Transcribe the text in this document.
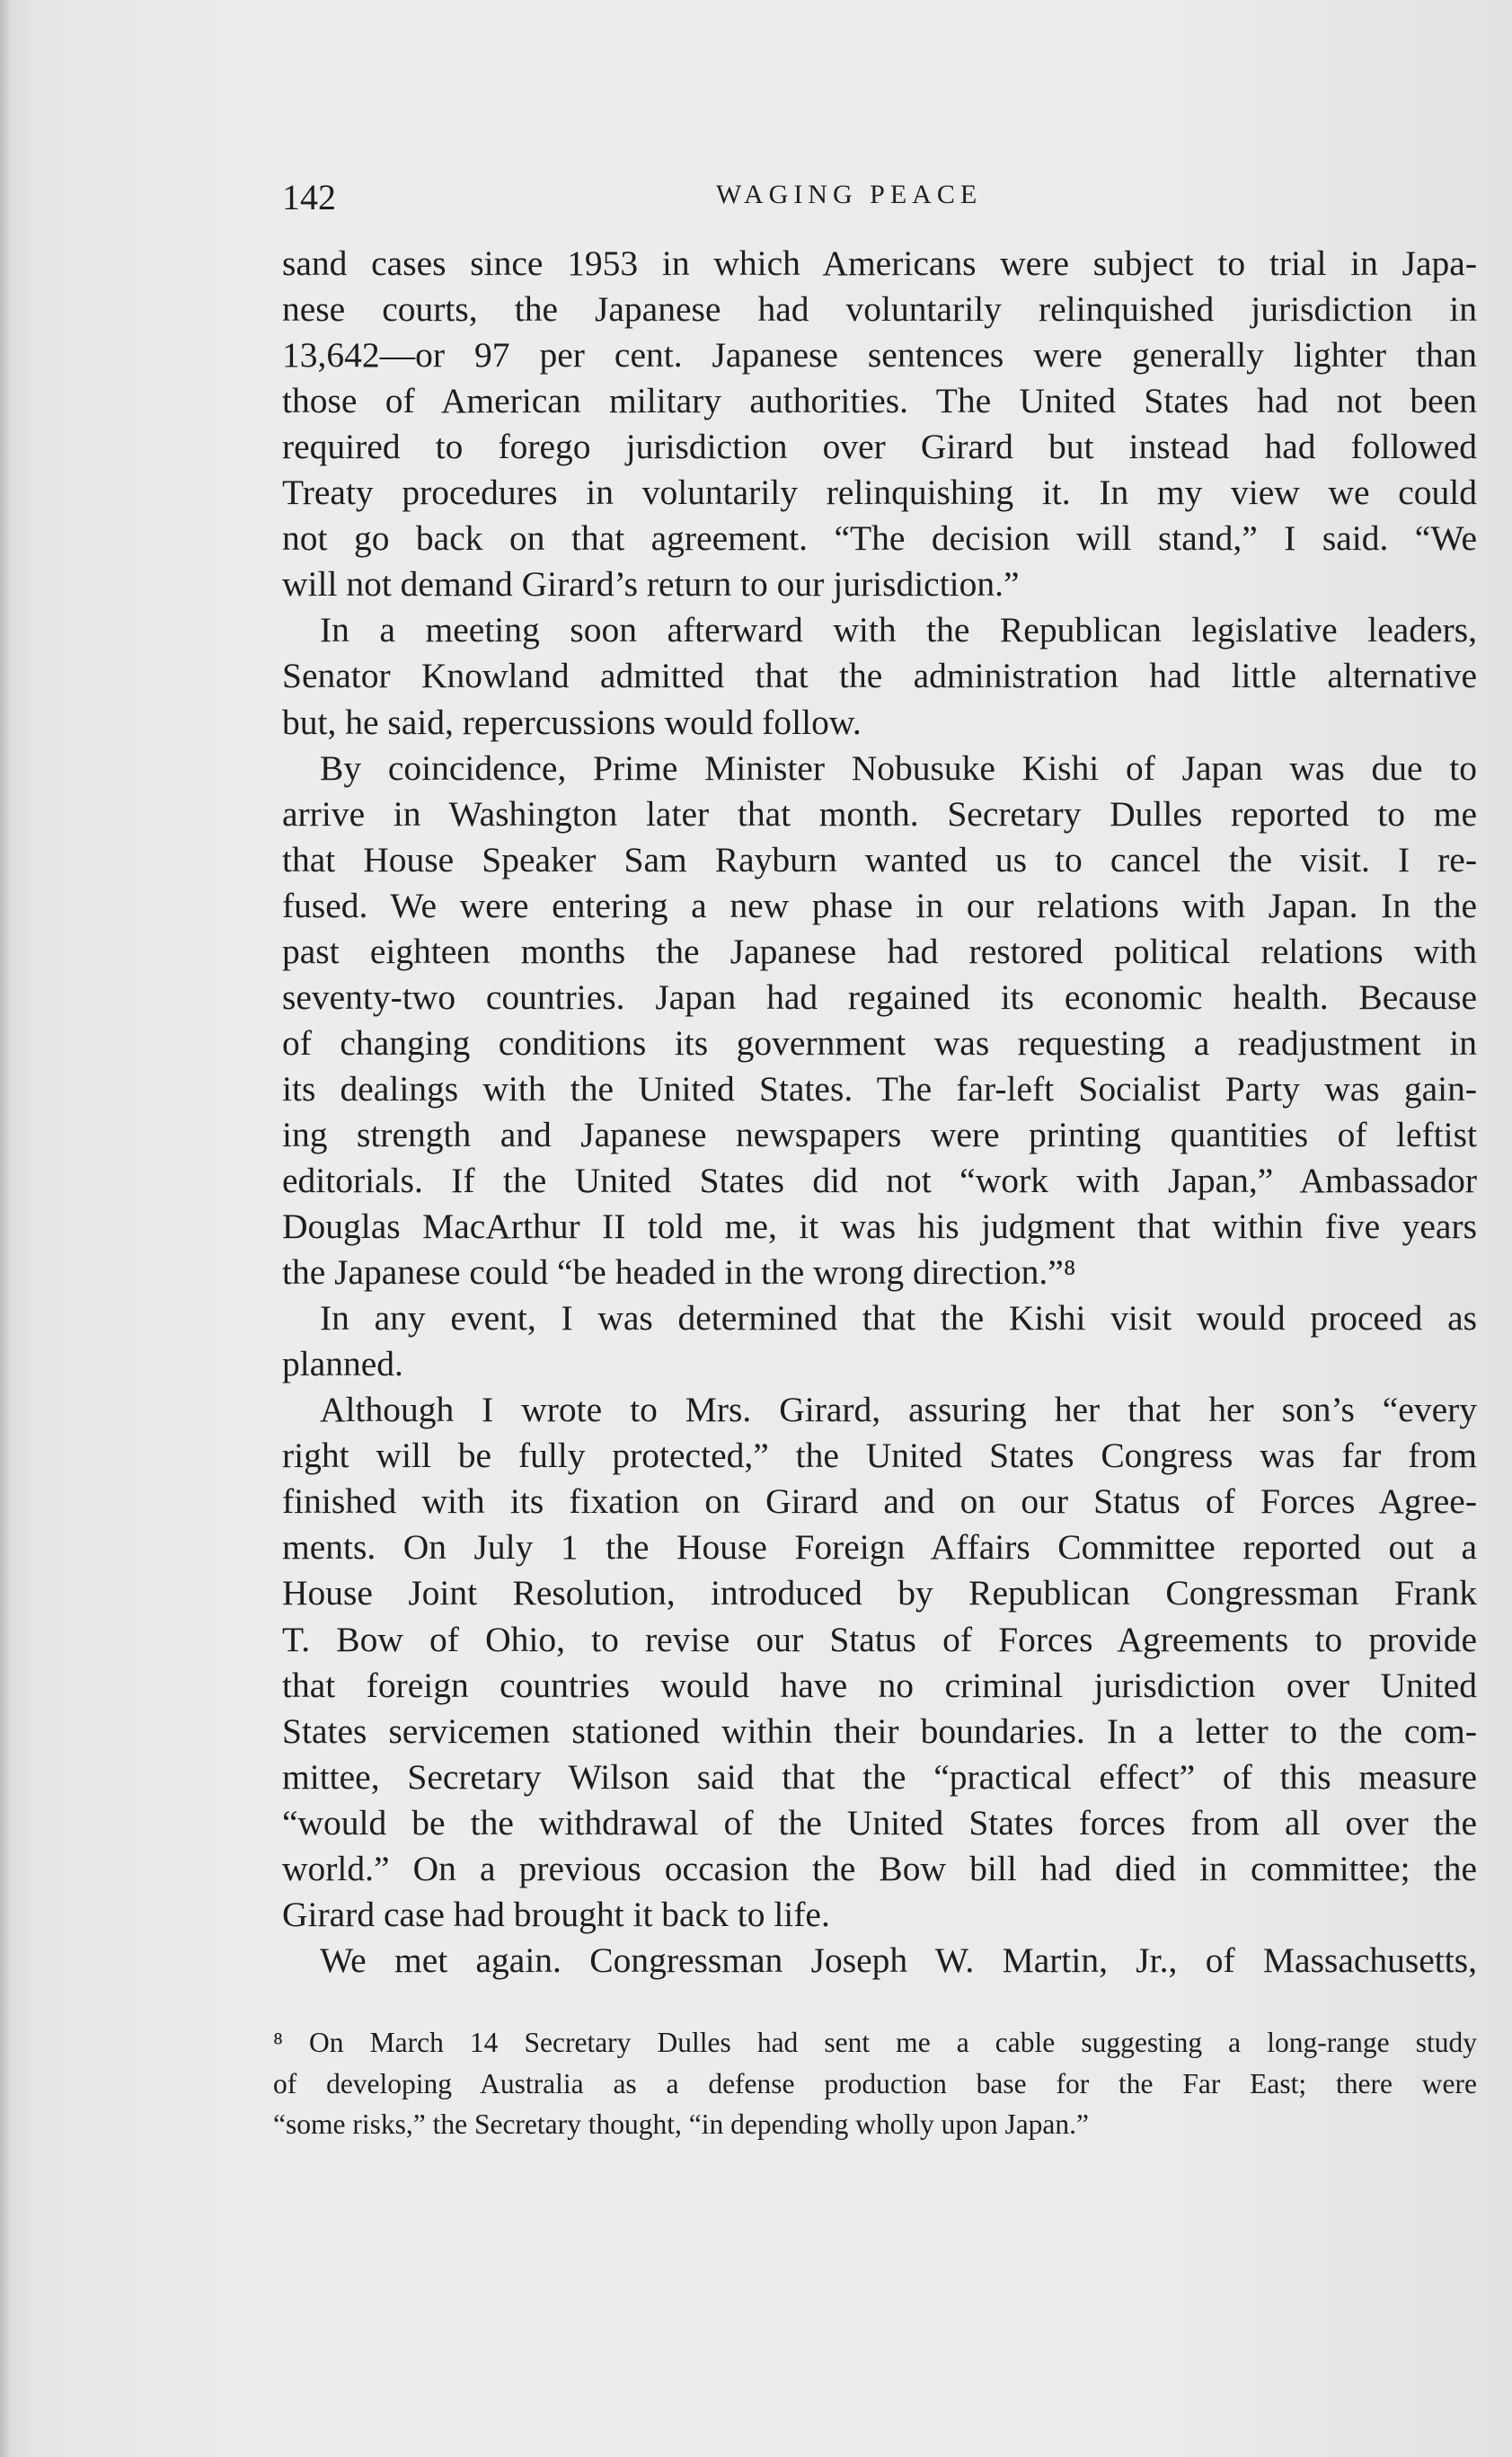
142	WAGING PEACE
sand cases since 1953 in which Americans were subject to trial in Japa-
nese courts, the Japanese had voluntarily relinquished jurisdiction in
13,642—or 97 per cent. Japanese sentences were generally lighter than
those of American military authorities. The United States had not been
required to forego jurisdiction over Girard but instead had followed
Treaty procedures in voluntarily relinquishing it. In my view we could
not go back on that agreement. “The decision will stand,” I said. “We
will not demand Girard’s return to our jurisdiction.”
In a meeting soon afterward with the Republican legislative leaders,
Senator Knowland admitted that the administration had little alternative
but, he said, repercussions would follow.
By coincidence, Prime Minister Nobusuke Kishi of Japan was due to
arrive in Washington later that month. Secretary Dulles reported to me
that House Speaker Sam Rayburn wanted us to cancel the visit. I re-
fused. We were entering a new phase in our relations with Japan. In the
past eighteen months the Japanese had restored political relations with
seventy-two countries. Japan had regained its economic health. Because
of changing conditions its government was requesting a readjustment in
its dealings with the United States. The far-left Socialist Party was gain-
ing strength and Japanese newspapers were printing quantities of leftist
editorials. If the United States did not “work with Japan,” Ambassador
Douglas MacArthur II told me, it was his judgment that within five years
the Japanese could “be headed in the wrong direction.”⁸
In any event, I was determined that the Kishi visit would proceed as
planned.
Although I wrote to Mrs. Girard, assuring her that her son’s “every
right will be fully protected,” the United States Congress was far from
finished with its fixation on Girard and on our Status of Forces Agree-
ments. On July 1 the House Foreign Affairs Committee reported out a
House Joint Resolution, introduced by Republican Congressman Frank
T. Bow of Ohio, to revise our Status of Forces Agreements to provide
that foreign countries would have no criminal jurisdiction over United
States servicemen stationed within their boundaries. In a letter to the com-
mittee, Secretary Wilson said that the “practical effect” of this measure
“would be the withdrawal of the United States forces from all over the
world.” On a previous occasion the Bow bill had died in committee; the
Girard case had brought it back to life.
We met again. Congressman Joseph W. Martin, Jr., of Massachusetts,
⁸ On March 14 Secretary Dulles had sent me a cable suggesting a long-range study
of developing Australia as a defense production base for the Far East; there were
“some risks,” the Secretary thought, “in depending wholly upon Japan.”
